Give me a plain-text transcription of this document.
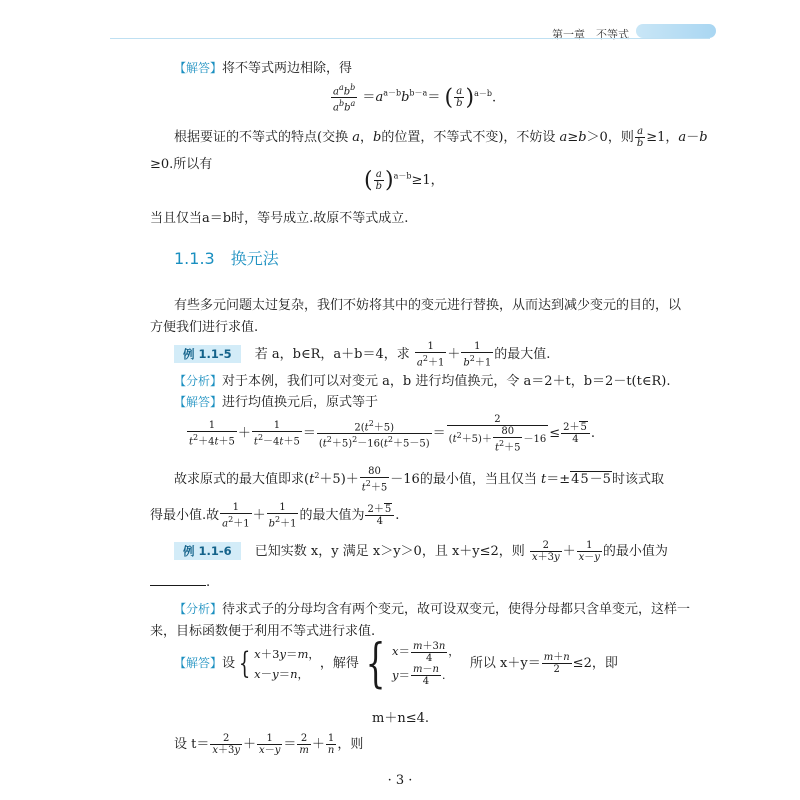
第一章　不等式
【解答】将不等式两边相除，得
$\frac{a^ab^b}{a^bb^a} =a^{a-b}b^{b-a}=$ ( $\frac{a}{b} )^{a-b}$.
根据要证的不等式的特点(交换 a，b的位置，不等式不变)，不妨设 a≥b＞0，则 $\frac{a}{b} \ge 1$，a－b
≥0.所以有
( $\frac{a}{b} )^{a-b}\ge 1$，
当且仅当a＝b时，等号成立.故原不等式成立.
1.1.3　 换元法
有些多元问题太过复杂，我们不妨将其中的变元进行替换，从而达到减少变元的目的，以
方便我们进行求值.
例 1.1-5 若 a，b∈R，a＋b＝4，求 $\frac{1}{a^2+1} + \frac{1}{b^2+1}$ 的最大值.
【分析】对于本例，我们可以对变元 a，b 进行均值换元，令 a＝2＋t，b＝2－t(t∈R).
【解答】进行均值换元后，原式等于
$\frac{1}{t^2+4t+5} + \frac{1}{t^2-4t+5} = \frac{2(t^2+5)}{(t^2+5)^2-16(t^2+5-5)} = \frac{2}{(t^2+5)+ \frac{80}{t^2+5} -16} \le \frac{2+5}{4}$ .
故求原式的最大值即求$(t^2+5)+ \frac{80}{t^2+5} -16$的最小值，当且仅当 t＝±45－5时该式取
得最小值.故 $\frac{1}{a^2+1} + \frac{1}{b^2+1}$ 的最大值为 $\frac{2+5}{4}$ .
例 1.1-6 已知实数 x，y 满足 x＞y＞0，且 x＋y≤2，则 $\frac{2}{x+3y} + \frac{1}{x-y}$ 的最小值为
.
【分析】待求式子的分母均含有两个变元，故可设双变元，使得分母都只含单变元，这样一
来，目标函数便于利用不等式进行求值.
【解答】设 { x＋3y＝m，
x－y＝n，，解得 { $x= \frac{m+3n}{4}$ ，
$y= \frac{m-n}{4}$ . 所以 $x+y= \frac{m+n}{2} \le 2$，即
m＋n≤4.
设 $t= \frac{2}{x+3y} + \frac{1}{x-y} = \frac{2}{m} + \frac{1}{n}$ ，则
· 3 ·
